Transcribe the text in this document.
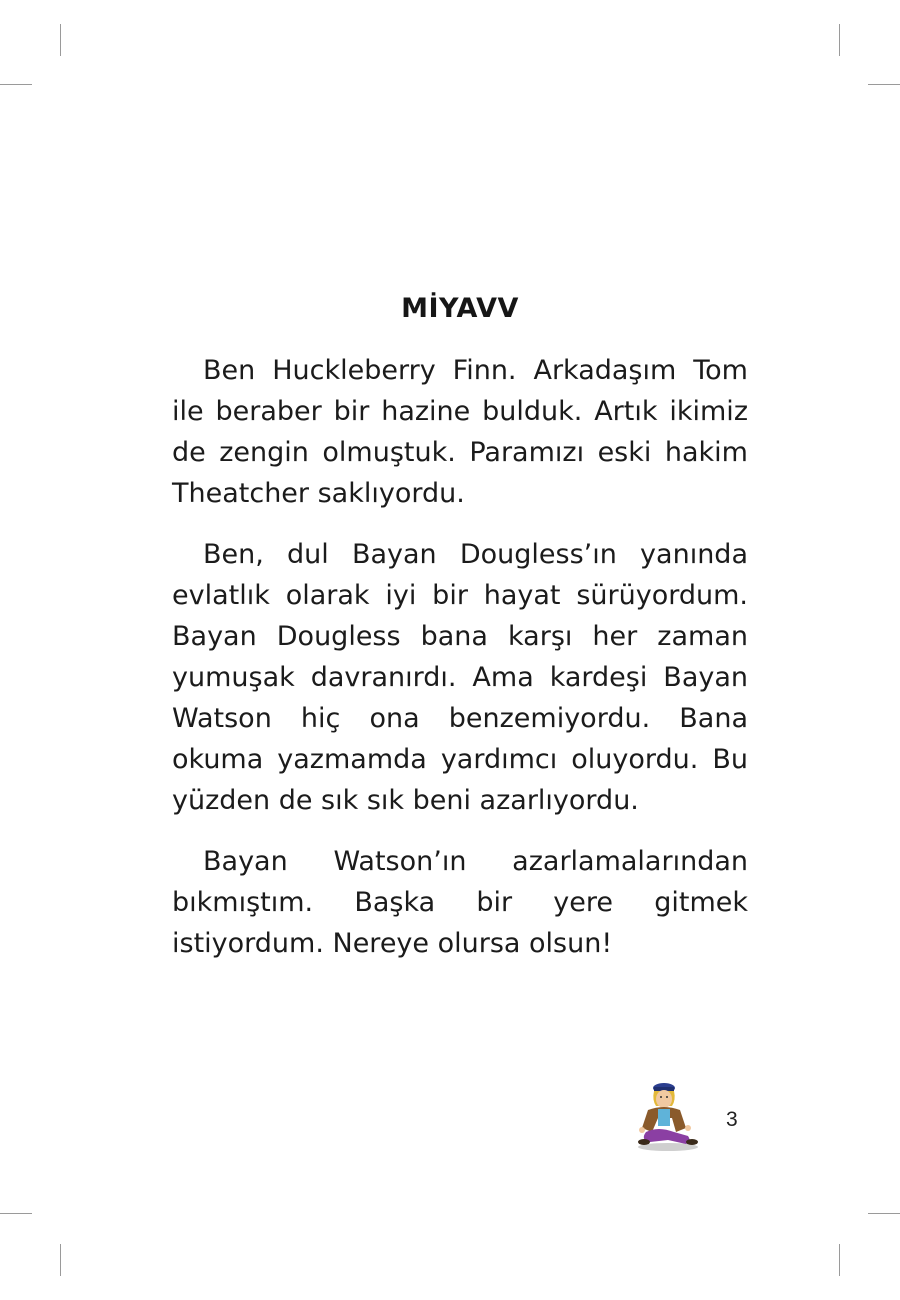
MİYAVV

Ben Huckleberry Finn. Arkadaşım Tom ile beraber bir hazine bulduk. Artık ikimiz de zengin olmuştuk. Paramızı eski hakim Theatcher saklıyordu.

Ben, dul Bayan Dougless’ın yanında evlatlık olarak iyi bir hayat sürüyordum. Bayan Dougless bana karşı her zaman yumuşak davranırdı. Ama kardeşi Bayan Watson hiç ona benzemiyordu. Bana okuma yazmamda yardımcı oluyordu. Bu yüzden de sık sık beni azarlıyordu.

Bayan Watson’ın azarlamalarından bıkmıştım. Başka bir yere gitmek istiyordum. Nereye olursa olsun!

3
